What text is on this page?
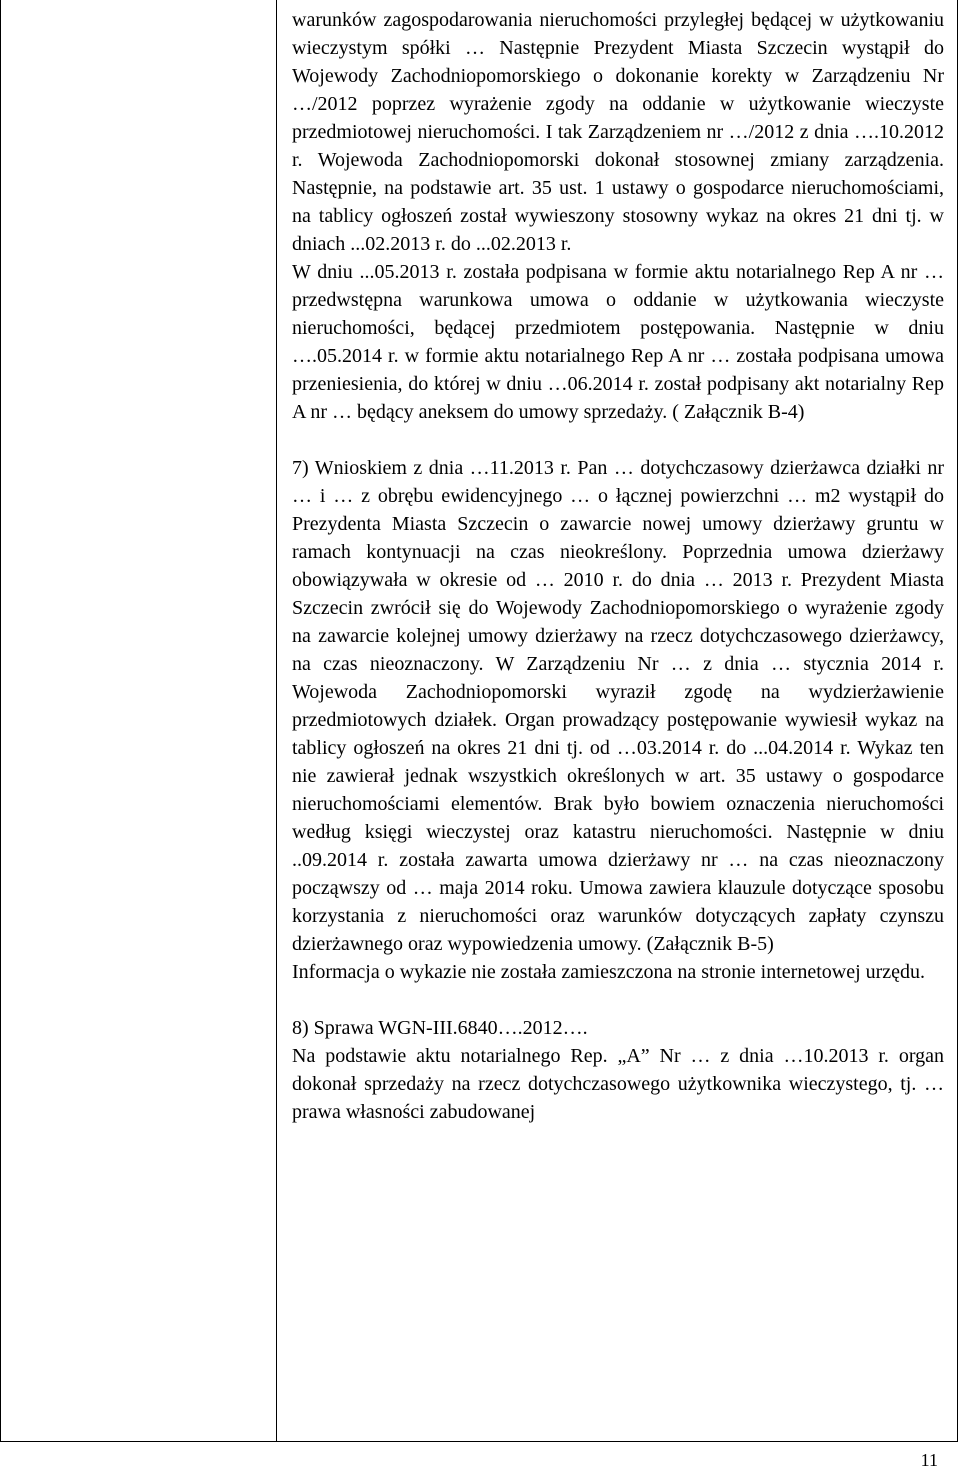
warunków zagospodarowania nieruchomości przyległej będącej w użytkowaniu wieczystym spółki … Następnie Prezydent Miasta Szczecin wystąpił do Wojewody Zachodniopomorskiego o dokonanie korekty w Zarządzeniu Nr …/2012 poprzez wyrażenie zgody na oddanie w użytkowanie wieczyste przedmiotowej nieruchomości. I tak Zarządzeniem nr …/2012 z dnia ….10.2012 r. Wojewoda Zachodniopomorski dokonał stosownej zmiany zarządzenia. Następnie, na podstawie art. 35 ust. 1 ustawy o gospodarce nieruchomościami, na tablicy ogłoszeń został wywieszony stosowny wykaz na okres 21 dni tj. w dniach ...02.2013 r. do ...02.2013 r.

W dniu ...05.2013 r. została podpisana w formie aktu notarialnego Rep A nr … przedwstępna warunkowa umowa o oddanie w użytkowania wieczyste nieruchomości, będącej przedmiotem postępowania. Następnie w dniu ….05.2014 r. w formie aktu notarialnego Rep A nr … została podpisana umowa przeniesienia, do której w dniu …06.2014 r. został podpisany akt notarialny Rep A nr … będący aneksem do umowy sprzedaży. ( Załącznik B-4)

7) Wnioskiem z dnia …11.2013 r. Pan … dotychczasowy dzierżawca działki nr … i … z obrębu ewidencyjnego … o łącznej powierzchni … m2 wystąpił do Prezydenta Miasta Szczecin o zawarcie nowej umowy dzierżawy gruntu w ramach kontynuacji na czas nieokreślony. Poprzednia umowa dzierżawy obowiązywała w okresie od … 2010 r. do dnia … 2013 r. Prezydent Miasta Szczecin zwrócił się do Wojewody Zachodniopomorskiego o wyrażenie zgody na zawarcie kolejnej umowy dzierżawy na rzecz dotychczasowego dzierżawcy, na czas nieoznaczony. W Zarządzeniu Nr … z dnia … stycznia 2014 r. Wojewoda Zachodniopomorski wyraził zgodę na wydzierżawienie przedmiotowych działek. Organ prowadzący postępowanie wywiesił wykaz na tablicy ogłoszeń na okres 21 dni tj. od …03.2014 r. do ...04.2014 r. Wykaz ten nie zawierał jednak wszystkich określonych w art. 35 ustawy o gospodarce nieruchomościami elementów. Brak było bowiem oznaczenia nieruchomości według księgi wieczystej oraz katastru nieruchomości. Następnie w dniu ..09.2014 r. została zawarta umowa dzierżawy nr … na czas nieoznaczony począwszy od … maja 2014 roku. Umowa zawiera klauzule dotyczące sposobu korzystania z nieruchomości oraz warunków dotyczących zapłaty czynszu dzierżawnego oraz wypowiedzenia umowy. (Załącznik B-5)

Informacja o wykazie nie została zamieszczona na stronie internetowej urzędu.

8) Sprawa WGN-III.6840….2012….

Na podstawie aktu notarialnego Rep. „A” Nr … z dnia …10.2013 r. organ dokonał sprzedaży na rzecz dotychczasowego użytkownika wieczystego, tj. … prawa własności zabudowanej

11
